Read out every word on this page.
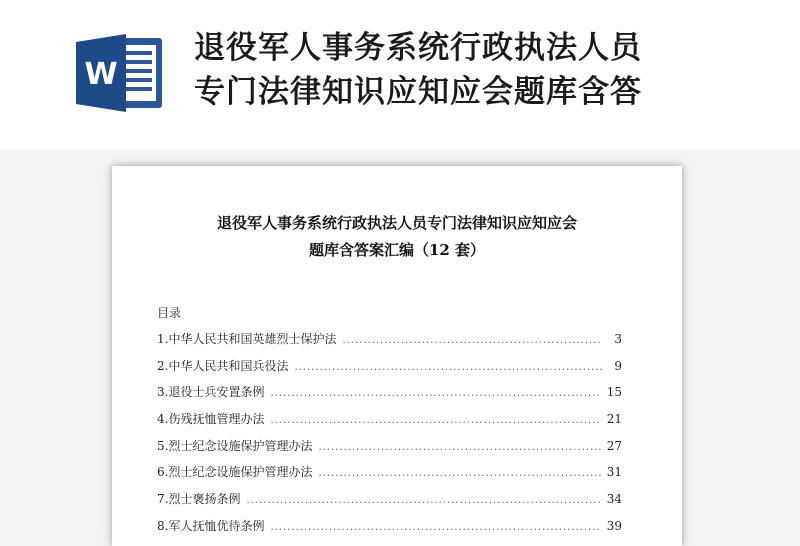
W
退役军人事务系统行政执法人员
专门法律知识应知应会题库含答
退役军人事务系统行政执法人员专门法律知识应知应会
题库含答案汇编（12 套）

目录

1.中华人民共和国英雄烈士保护法 .....	3
2.中华人民共和国兵役法 .....	9
3.退役士兵安置条例 .....	15
4.伤残抚恤管理办法 .....	21
5.烈士纪念设施保护管理办法 .....	27
6.烈士纪念设施保护管理办法 .....	31
7.烈士褒扬条例 .....	34
8.军人抚恤优待条例 .....	39
